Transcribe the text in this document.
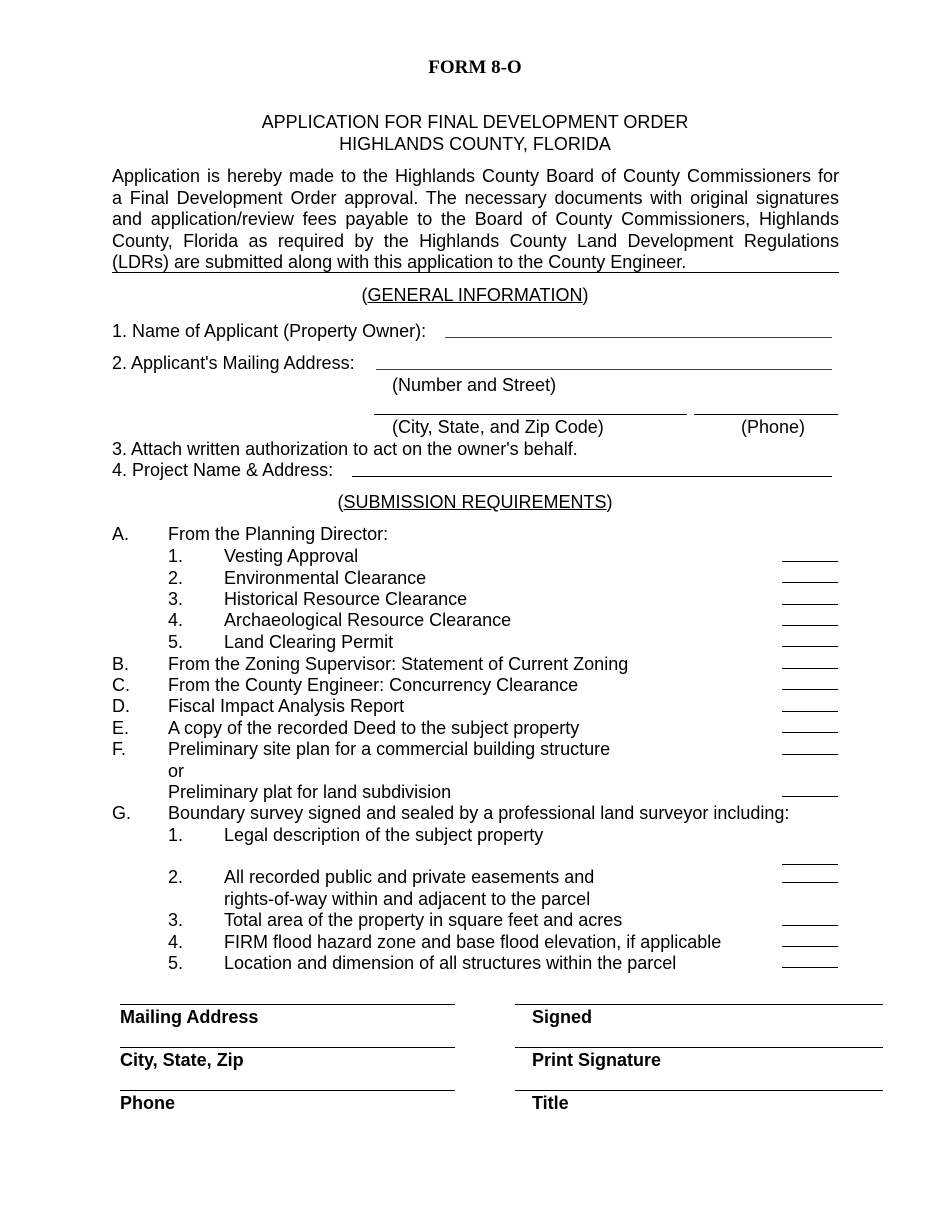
FORM 8-O
APPLICATION FOR FINAL DEVELOPMENT ORDER
HIGHLANDS COUNTY, FLORIDA
Application is hereby made to the Highlands County Board of County Commissioners for
a Final Development Order approval. The necessary documents with original signatures
and application/review fees payable to the Board of County Commissioners, Highlands
County, Florida as required by the Highlands County Land Development Regulations
(LDRs) are submitted along with this application to the County Engineer.
(GENERAL INFORMATION)
1. Name of Applicant (Property Owner):
2. Applicant's Mailing Address:
(Number and Street)
(City, State, and Zip Code)	(Phone)
3. Attach written authorization to act on the owner's behalf.
4. Project Name & Address:
(SUBMISSION REQUIREMENTS)
A. From the Planning Director:
1. Vesting Approval
2. Environmental Clearance
3. Historical Resource Clearance
4. Archaeological Resource Clearance
5. Land Clearing Permit
B. From the Zoning Supervisor: Statement of Current Zoning
C. From the County Engineer: Concurrency Clearance
D. Fiscal Impact Analysis Report
E. A copy of the recorded Deed to the subject property
F. Preliminary site plan for a commercial building structure
or
Preliminary plat for land subdivision
G. Boundary survey signed and sealed by a professional land surveyor including:
1. Legal description of the subject property
2. All recorded public and private easements and
rights-of-way within and adjacent to the parcel
3. Total area of the property in square feet and acres
4. FIRM flood hazard zone and base flood elevation, if applicable
5. Location and dimension of all structures within the parcel
Mailing Address	Signed
City, State, Zip	Print Signature
Phone	Title
